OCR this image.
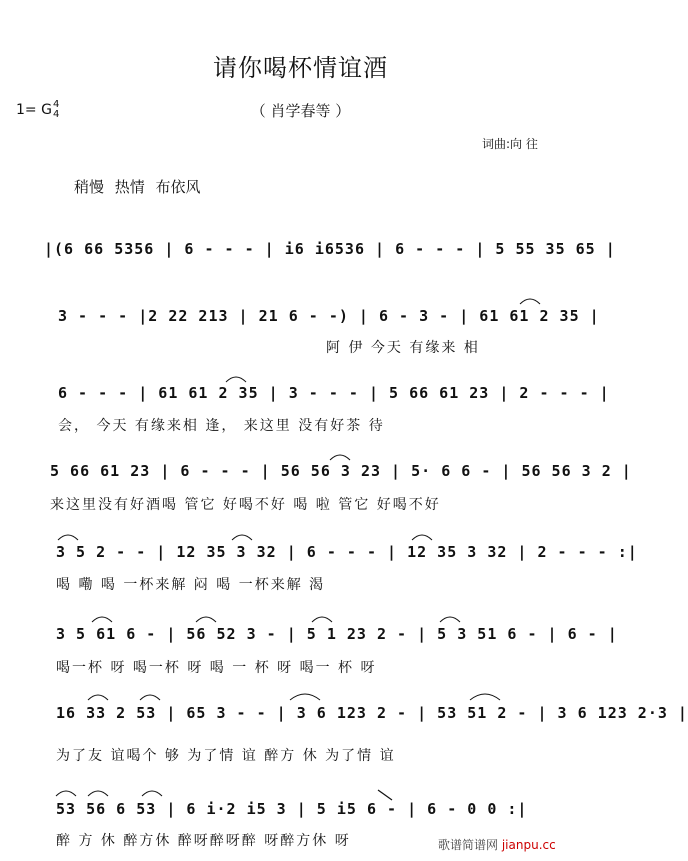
请你喝杯情谊酒
（ 肖学春等 ）
1= G4
4
词曲:向 往
稍慢 热情 布依风
|(6 66 5356 | 6 - - - | i6 i6536 | 6 - - - | 5 55 35 65 |
3 - - - |2 22 213 | 21 6 - -) | 6 - 3 - | 61 61 2 35 |
阿 伊 今天 有缘来 相
6 - - - | 61 61 2 35 | 3 - - - | 5 66 61 23 | 2 - - - |
会， 今天 有缘来相 逢， 来这里 没有好茶 待
5 66 61 23 | 6 - - - | 56 56 3 23 | 5· 6 6 - | 56 56 3 2 |
来这里没有好酒喝 管它 好喝不好 喝 啦 管它 好喝不好
3 5 2 - - | 12 35 3 32 | 6 - - - | 12 35 3 32 | 2 - - - :|
喝 嘞 喝 一杯来解 闷 喝 一杯来解 渴
3 5 61 6 - | 56 52 3 - | 5 1 23 2 - | 5 3 51 6 - | 6 - |
喝一杯 呀 喝一杯 呀 喝 一 杯 呀 喝一 杯 呀
16 33 2 53 | 65 3 - - | 3 6 123 2 - | 53 51 2 - | 3 6 123 2·3 |
为了友 谊喝个 够 为了情 谊 醉方 休 为了情 谊
53 56 6 53 | 6 i·2 i5 3 | 5 i5 6 - | 6 - 0 0 :|
醉 方 休 醉方休 醉呀醉呀醉 呀醉方休 呀	歌谱简谱网 jianpu.cc
